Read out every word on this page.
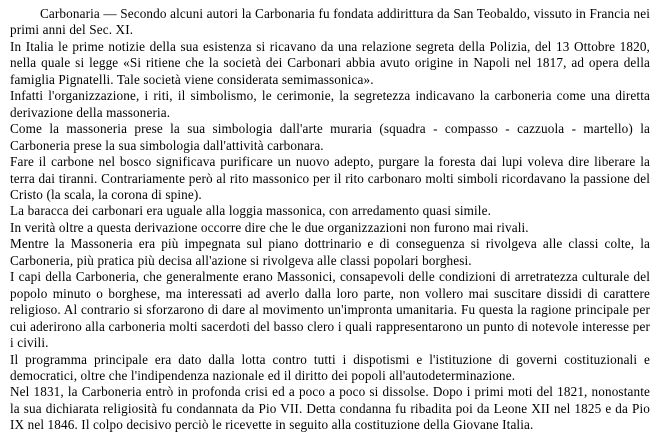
Carbonaria — Secondo alcuni autori la Carbonaria fu fondata addirittura da San Teobaldo, vissuto in Francia nei primi anni del Sec. XI.

In Italia le prime notizie della sua esistenza si ricavano da una relazione segreta della Polizia, del 13 Ottobre 1820, nella quale si legge «Si ritiene che la società dei Carbonari abbia avuto origine in Napoli nel 1817, ad opera della famiglia Pignatelli. Tale società viene considerata semimassonica».

Infatti l'organizzazione, i riti, il simbolismo, le cerimonie, la segretezza indicavano la carboneria come una diretta derivazione della massoneria.

Come la massoneria prese la sua simbologia dall'arte muraria (squadra - compasso - cazzuola - martello) la Carboneria prese la sua simbologia dall'attività carbonara.

Fare il carbone nel bosco significava purificare un nuovo adepto, purgare la foresta dai lupi voleva dire liberare la terra dai tiranni. Contrariamente però al rito massonico per il rito carbonaro molti simboli ricordavano la passione del Cristo (la scala, la corona di spine).

La baracca dei carbonari era uguale alla loggia massonica, con arredamento quasi simile.

In verità oltre a questa derivazione occorre dire che le due organizzazioni non furono mai rivali.

Mentre la Massoneria era più impegnata sul piano dottrinario e di conseguenza si rivolgeva alle classi colte, la Carboneria, più pratica più decisa all'azione si rivolgeva alle classi popolari borghesi.

I capi della Carboneria, che generalmente erano Massonici, consapevoli delle condizioni di arretratezza culturale del popolo minuto o borghese, ma interessati ad averlo dalla loro parte, non vollero mai suscitare dissidi di carattere religioso. Al contrario si sforzarono di dare al movimento un'impronta umanitaria. Fu questa la ragione principale per cui aderirono alla carboneria molti sacerdoti del basso clero i quali rappresentarono un punto di notevole interesse per i civili.

Il programma principale era dato dalla lotta contro tutti i dispotismi e l'istituzione di governi costituzionali e democratici, oltre che l'indipendenza nazionale ed il diritto dei popoli all'autodeterminazione.

Nel 1831, la Carboneria entrò in profonda crisi ed a poco a poco si dissolse. Dopo i primi moti del 1821, nonostante la sua dichiarata religiosità fu condannata da Pio VII. Detta condanna fu ribadita poi da Leone XII nel 1825 e da Pio IX nel 1846. Il colpo decisivo perciò le ricevette in seguito alla costituzione della Giovane Italia.
